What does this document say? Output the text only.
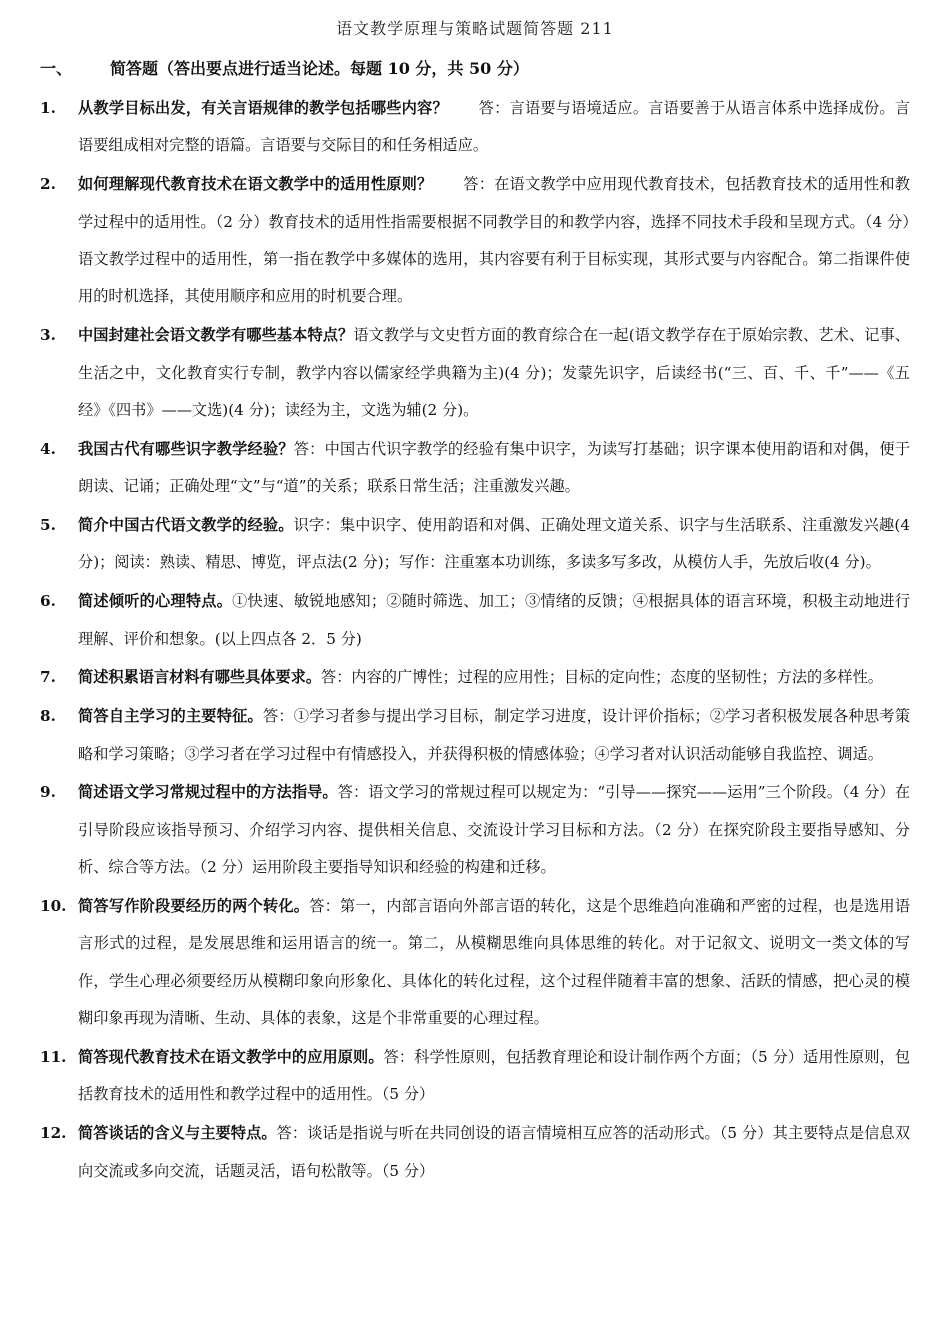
语文教学原理与策略试题简答题 211
一、 简答题（答出要点进行适当论述。每题 10 分，共 50 分）
1. 从教学目标出发，有关言语规律的教学包括哪些内容？　　答：言语要与语境适应。言语要善于从语言体系中选择成份。言语要组成相对完整的语篇。言语要与交际目的和任务相适应。
2. 如何理解现代教育技术在语文教学中的适用性原则？　　答：在语文教学中应用现代教育技术，包括教育技术的适用性和教学过程中的适用性。（2 分）教育技术的适用性指需要根据不同教学目的和教学内容，选择不同技术手段和呈现方式。（4 分）语文教学过程中的适用性，第一指在教学中多媒体的选用，其内容要有利于目标实现，其形式要与内容配合。第二指课件使用的时机选择，其使用顺序和应用的时机要合理。
3. 中国封建社会语文教学有哪些基本特点？语文教学与文史哲方面的教育综合在一起(语文教学存在于原始宗教、艺术、记事、生活之中，文化教育实行专制，教学内容以儒家经学典籍为主)(4 分)；发蒙先识字，后读经书(“三、百、千、千”——《五经》《四书》——文选)(4 分)；读经为主，文选为辅(2 分)。
4. 我国古代有哪些识字教学经验？答：中国古代识字教学的经验有集中识字，为读写打基础；识字课本使用韵语和对偶，便于朗读、记诵；正确处理“文”与“道”的关系；联系日常生活；注重激发兴趣。
5. 简介中国古代语文教学的经验。识字：集中识字、使用韵语和对偶、正确处理文道关系、识字与生活联系、注重激发兴趣(4 分)；阅读：熟读、精思、博览，评点法(2 分)；写作：注重塞本功训练，多读多写多改，从模仿人手，先放后收(4 分)。
6. 简述倾听的心理特点。①快速、敏锐地感知；②随时筛选、加工；③情绪的反馈；④根据具体的语言环境，积极主动地进行理解、评价和想象。(以上四点各 2．5 分)
7. 简述积累语言材料有哪些具体要求。答：内容的广博性；过程的应用性；目标的定向性；态度的坚韧性；方法的多样性。
8. 简答自主学习的主要特征。答：①学习者参与提出学习目标，制定学习进度，设计评价指标；②学习者积极发展各种思考策略和学习策略；③学习者在学习过程中有情感投入，并获得积极的情感体验；④学习者对认识活动能够自我监控、调适。
9. 简述语文学习常规过程中的方法指导。答：语文学习的常规过程可以规定为：“引导——探究——运用”三个阶段。（4 分）在引导阶段应该指导预习、介绍学习内容、提供相关信息、交流设计学习目标和方法。（2 分）在探究阶段主要指导感知、分析、综合等方法。（2 分）运用阶段主要指导知识和经验的构建和迁移。
10. 简答写作阶段要经历的两个转化。答：第一，内部言语向外部言语的转化，这是个思维趋向准确和严密的过程，也是选用语言形式的过程，是发展思维和运用语言的统一。第二，从模糊思维向具体思维的转化。对于记叙文、说明文一类文体的写作，学生心理必须要经历从模糊印象向形象化、具体化的转化过程，这个过程伴随着丰富的想象、活跃的情感，把心灵的模糊印象再现为清晰、生动、具体的表象，这是个非常重要的心理过程。
11. 简答现代教育技术在语文教学中的应用原则。答：科学性原则，包括教育理论和设计制作两个方面；（5 分）适用性原则，包括教育技术的适用性和教学过程中的适用性。（5 分）
12. 简答谈话的含义与主要特点。答：谈话是指说与听在共同创设的语言情境相互应答的活动形式。（5 分）其主要特点是信息双向交流或多向交流，话题灵活，语句松散等。（5 分）
